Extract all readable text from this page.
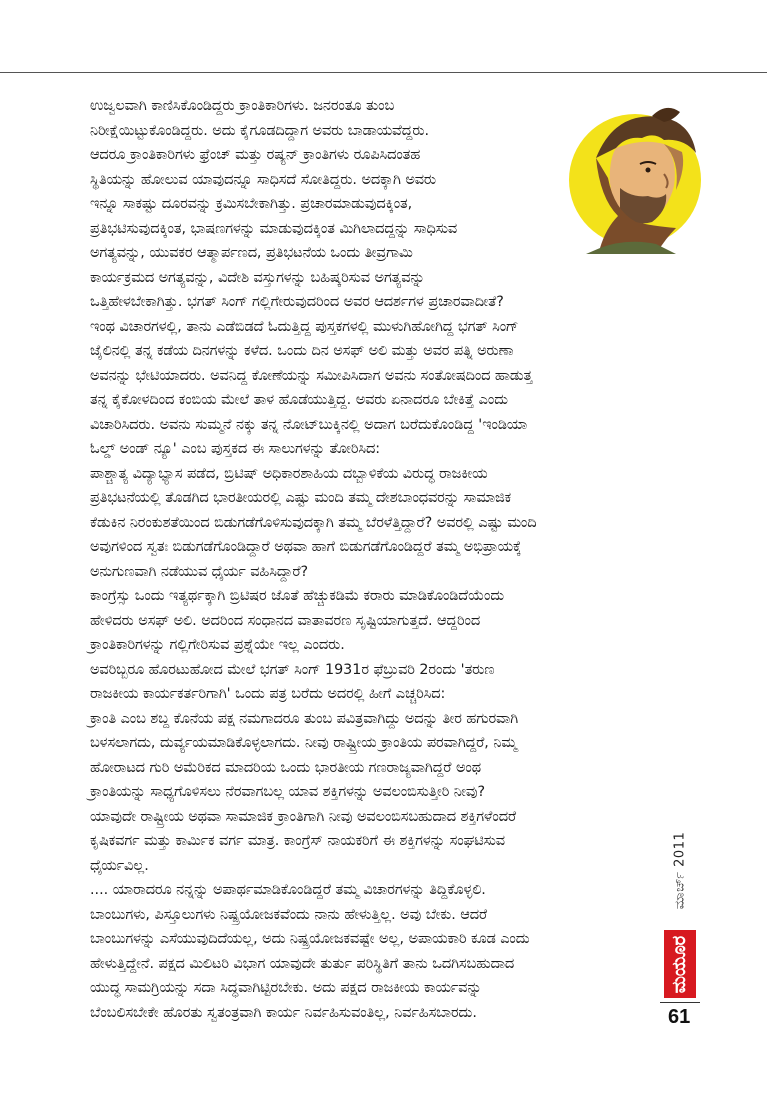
ಉಜ್ವಲವಾಗಿ ಕಾಣಿಸಿಕೊಂಡಿದ್ದರು ಕ್ರಾಂತಿಕಾರಿಗಳು. ಜನರಂತೂ ತುಂಬ
ನಿರೀಕ್ಷೆಯಿಟ್ಟುಕೊಂಡಿದ್ದರು. ಅದು ಕೈಗೂಡದಿದ್ದಾಗ ಅವರು ಬಾಡಾಯವೆದ್ದರು.
ಆದರೂ ಕ್ರಾಂತಿಕಾರಿಗಳು ಫ್ರೆಂಚ್ ಮತ್ತು ರಷ್ಯನ್ ಕ್ರಾಂತಿಗಳು ರೂಪಿಸಿದಂತಹ
ಸ್ಥಿತಿಯನ್ನು ಹೋಲುವ ಯಾವುದನ್ನೂ ಸಾಧಿಸದೆ ಸೋತಿದ್ದರು. ಅದಕ್ಕಾಗಿ ಅವರು
ಇನ್ನೂ ಸಾಕಷ್ಟು ದೂರವನ್ನು ಕ್ರಮಿಸಬೇಕಾಗಿತ್ತು. ಪ್ರಚಾರಮಾಡುವುದಕ್ಕಿಂತ,
ಪ್ರತಿಭಟಿಸುವುದಕ್ಕಿಂತ, ಭಾಷಣಗಳನ್ನು ಮಾಡುವುದಕ್ಕಿಂತ ಮಿಗಿಲಾದದ್ದನ್ನು ಸಾಧಿಸುವ
ಅಗತ್ಯವನ್ನು, ಯುವಕರ ಆತ್ಮಾರ್ಪಣದ, ಪ್ರತಿಭಟನೆಯ ಒಂದು ತೀವ್ರಗಾಮಿ
ಕಾರ್ಯಕ್ರಮದ ಅಗತ್ಯವನ್ನು, ವಿದೇಶಿ ವಸ್ತುಗಳನ್ನು ಬಹಿಷ್ಕರಿಸುವ ಅಗತ್ಯವನ್ನು
ಒತ್ತಿಹೇಳಬೇಕಾಗಿತ್ತು. ಭಗತ್ ಸಿಂಗ್ ಗಲ್ಲಿಗೇರುವುದರಿಂದ ಅವರ ಆದರ್ಶಗಳ ಪ್ರಚಾರವಾದೀತೆ?
ಇಂಥ ವಿಚಾರಗಳಲ್ಲಿ, ತಾನು ಎಡೆಬಿಡದೆ ಓದುತ್ತಿದ್ದ ಪುಸ್ತಕಗಳಲ್ಲಿ ಮುಳುಗಿಹೋಗಿದ್ದ ಭಗತ್ ಸಿಂಗ್
ಜೈಲಿನಲ್ಲಿ ತನ್ನ ಕಡೆಯ ದಿನಗಳನ್ನು ಕಳೆದ. ಒಂದು ದಿನ ಅಸಫ್ ಅಲಿ ಮತ್ತು ಅವರ ಪತ್ನಿ ಅರುಣಾ
ಅವನನ್ನು ಭೇಟಿಯಾದರು. ಅವನಿದ್ದ ಕೋಣೆಯನ್ನು ಸಮೀಪಿಸಿದಾಗ ಅವನು ಸಂತೋಷದಿಂದ ಹಾಡುತ್ತ
ತನ್ನ ಕೈಕೋಳದಿಂದ ಕಂಬಿಯ ಮೇಲೆ ತಾಳ ಹೊಡೆಯುತ್ತಿದ್ದ. ಅವರು ಏನಾದರೂ ಬೇಕಿತ್ತೆ ಎಂದು
ವಿಚಾರಿಸಿದರು. ಅವನು ಸುಮ್ಮನೆ ನಕ್ಕು ತನ್ನ ನೋಟ್‌ಬುಕ್ಕಿನಲ್ಲಿ ಅದಾಗ ಬರೆದುಕೊಂಡಿದ್ದ 'ಇಂಡಿಯಾ
ಓಲ್ಡ್ ಅಂಡ್ ನ್ಯೂ' ಎಂಬ ಪುಸ್ತಕದ ಈ ಸಾಲುಗಳನ್ನು ತೋರಿಸಿದ:
ಪಾಶ್ಚಾತ್ಯ ವಿದ್ಯಾಭ್ಯಾಸ ಪಡೆದ, ಬ್ರಿಟಿಷ್ ಅಧಿಕಾರಶಾಹಿಯ ದಬ್ಬಾಳಿಕೆಯ ವಿರುದ್ಧ ರಾಜಕೀಯ
ಪ್ರತಿಭಟನೆಯಲ್ಲಿ ತೊಡಗಿದ ಭಾರತೀಯರಲ್ಲಿ ಎಷ್ಟು ಮಂದಿ ತಮ್ಮ ದೇಶಬಾಂಧವರನ್ನು ಸಾಮಾಜಿಕ
ಕೆಡುಕಿನ ನಿರಂಕುಶತೆಯಿಂದ ಬಿಡುಗಡೆಗೊಳಿಸುವುದಕ್ಕಾಗಿ ತಮ್ಮ ಬೆರಳೆತ್ತಿದ್ದಾರೆ? ಅವರಲ್ಲಿ ಎಷ್ಟು ಮಂದಿ
ಅವುಗಳಿಂದ ಸ್ವತಃ ಬಿಡುಗಡೆಗೊಂಡಿದ್ದಾರೆ ಅಥವಾ ಹಾಗೆ ಬಿಡುಗಡೆಗೊಂಡಿದ್ದರೆ ತಮ್ಮ ಅಭಿಪ್ರಾಯಕ್ಕೆ
ಅನುಗುಣವಾಗಿ ನಡೆಯುವ ಧೈರ್ಯ ವಹಿಸಿದ್ದಾರೆ?
ಕಾಂಗ್ರೆಸ್ಸು ಒಂದು ಇತ್ಯರ್ಥಕ್ಕಾಗಿ ಬ್ರಿಟಿಷರ ಜೊತೆ ಹೆಚ್ಚುಕಡಿಮೆ ಕರಾರು ಮಾಡಿಕೊಂಡಿದೆಯೆಂದು
ಹೇಳಿದರು ಅಸಫ್ ಅಲಿ. ಅದರಿಂದ ಸಂಧಾನದ ವಾತಾವರಣ ಸೃಷ್ಟಿಯಾಗುತ್ತದೆ. ಆದ್ದರಿಂದ
ಕ್ರಾಂತಿಕಾರಿಗಳನ್ನು ಗಲ್ಲಿಗೇರಿಸುವ ಪ್ರಶ್ನೆಯೇ ಇಲ್ಲ ಎಂದರು.
ಅವರಿಬ್ಬರೂ ಹೊರಟುಹೋದ ಮೇಲೆ ಭಗತ್ ಸಿಂಗ್ 1931ರ ಫೆಬ್ರುವರಿ 2ರಂದು 'ತರುಣ
ರಾಜಕೀಯ ಕಾರ್ಯಕರ್ತರಿಗಾಗಿ' ಒಂದು ಪತ್ರ ಬರೆದು ಅದರಲ್ಲಿ ಹೀಗೆ ಎಚ್ಚರಿಸಿದ:
ಕ್ರಾಂತಿ ಎಂಬ ಶಬ್ದ ಕೊನೆಯ ಪಕ್ಷ ನಮಗಾದರೂ ತುಂಬ ಪವಿತ್ರವಾಗಿದ್ದು ಅದನ್ನು ತೀರ ಹಗುರವಾಗಿ
ಬಳಸಲಾಗದು, ದುರ್ವ್ಯಯಮಾಡಿಕೊಳ್ಳಲಾಗದು. ನೀವು ರಾಷ್ಟ್ರೀಯ ಕ್ರಾಂತಿಯ ಪರವಾಗಿದ್ದರೆ, ನಿಮ್ಮ
ಹೋರಾಟದ ಗುರಿ ಅಮೆರಿಕದ ಮಾದರಿಯ ಒಂದು ಭಾರತೀಯ ಗಣರಾಜ್ಯವಾಗಿದ್ದರೆ ಅಂಥ
ಕ್ರಾಂತಿಯನ್ನು ಸಾಧ್ಯಗೊಳಿಸಲು ನೆರವಾಗಬಲ್ಲ ಯಾವ ಶಕ್ತಿಗಳನ್ನು ಅವಲಂಬಿಸುತ್ತೀರಿ ನೀವು?
ಯಾವುದೇ ರಾಷ್ಟ್ರೀಯ ಅಥವಾ ಸಾಮಾಜಿಕ ಕ್ರಾಂತಿಗಾಗಿ ನೀವು ಅವಲಂಬಿಸಬಹುದಾದ ಶಕ್ತಿಗಳೆಂದರೆ
ಕೃಷಿಕವರ್ಗ ಮತ್ತು ಕಾರ್ಮಿಕ ವರ್ಗ ಮಾತ್ರ. ಕಾಂಗ್ರೆಸ್ ನಾಯಕರಿಗೆ ಈ ಶಕ್ತಿಗಳನ್ನು ಸಂಘಟಿಸುವ
ಧೈರ್ಯವಿಲ್ಲ.
.... ಯಾರಾದರೂ ನನ್ನನ್ನು ಅಪಾರ್ಥಮಾಡಿಕೊಂಡಿದ್ದರೆ ತಮ್ಮ ವಿಚಾರಗಳನ್ನು ತಿದ್ದಿಕೊಳ್ಳಲಿ.
ಬಾಂಬುಗಳು, ಪಿಸ್ತೂಲುಗಳು ನಿಷ್ಪ್ರಯೋಜಕವೆಂದು ನಾನು ಹೇಳುತ್ತಿಲ್ಲ. ಅವು ಬೇಕು. ಆದರೆ
ಬಾಂಬುಗಳನ್ನು ಎಸೆಯುವುದಿದೆಯಲ್ಲ, ಅದು ನಿಷ್ಪ್ರಯೋಜಕವಷ್ಟೇ ಅಲ್ಲ, ಅಪಾಯಕಾರಿ ಕೂಡ ಎಂದು
ಹೇಳುತ್ತಿದ್ದೇನೆ. ಪಕ್ಷದ ಮಿಲಿಟರಿ ವಿಭಾಗ ಯಾವುದೇ ತುರ್ತು ಪರಿಸ್ಥಿತಿಗೆ ತಾನು ಒದಗಿಸಬಹುದಾದ
ಯುದ್ಧ ಸಾಮಗ್ರಿಯನ್ನು ಸದಾ ಸಿದ್ಧವಾಗಿಟ್ಟಿರಬೇಕು. ಅದು ಪಕ್ಷದ ರಾಜಕೀಯ ಕಾರ್ಯವನ್ನು
ಬೆಂಬಲಿಸಬೇಕೇ ಹೊರತು ಸ್ವತಂತ್ರವಾಗಿ ಕಾರ್ಯ ನಿರ್ವಹಿಸುವಂತಿಲ್ಲ, ನಿರ್ವಹಿಸಬಾರದು.
ಮಾರ್ಚ್ 2011
ಮಯೂರ
61
